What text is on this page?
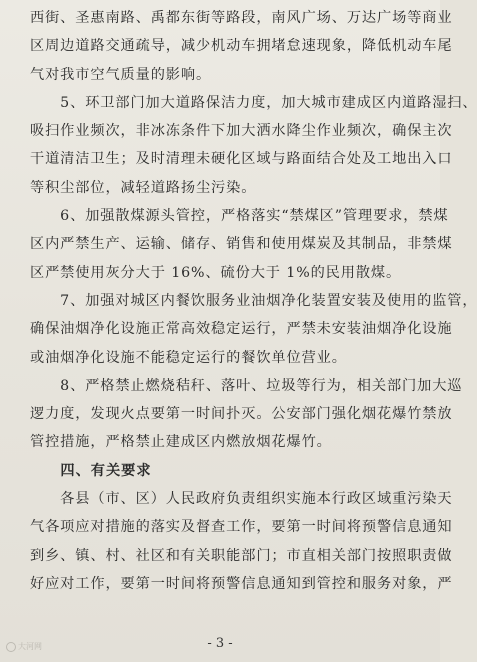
西街、圣惠南路、禹都东街等路段，南风广场、万达广场等商业
区周边道路交通疏导，减少机动车拥堵怠速现象，降低机动车尾
气对我市空气质量的影响。
　　5、环卫部门加大道路保洁力度，加大城市建成区内道路湿扫、
吸扫作业频次，非冰冻条件下加大洒水降尘作业频次，确保主次
干道清洁卫生；及时清理未硬化区域与路面结合处及工地出入口
等积尘部位，减轻道路扬尘污染。
　　6、加强散煤源头管控，严格落实“禁煤区”管理要求，禁煤
区内严禁生产、运输、储存、销售和使用煤炭及其制品，非禁煤
区严禁使用灰分大于 16%、硫份大于 1%的民用散煤。
　　7、加强对城区内餐饮服务业油烟净化装置安装及使用的监管，
确保油烟净化设施正常高效稳定运行，严禁未安装油烟净化设施
或油烟净化设施不能稳定运行的餐饮单位营业。
　　8、严格禁止燃烧秸秆、落叶、垃圾等行为，相关部门加大巡
逻力度，发现火点要第一时间扑灭。公安部门强化烟花爆竹禁放
管控措施，严格禁止建成区内燃放烟花爆竹。
　　四、有关要求
　　各县（市、区）人民政府负责组织实施本行政区域重污染天
气各项应对措施的落实及督查工作，要第一时间将预警信息通知
到乡、镇、村、社区和有关职能部门；市直相关部门按照职责做
好应对工作，要第一时间将预警信息通知到管控和服务对象，严
大河网	- 3 -
